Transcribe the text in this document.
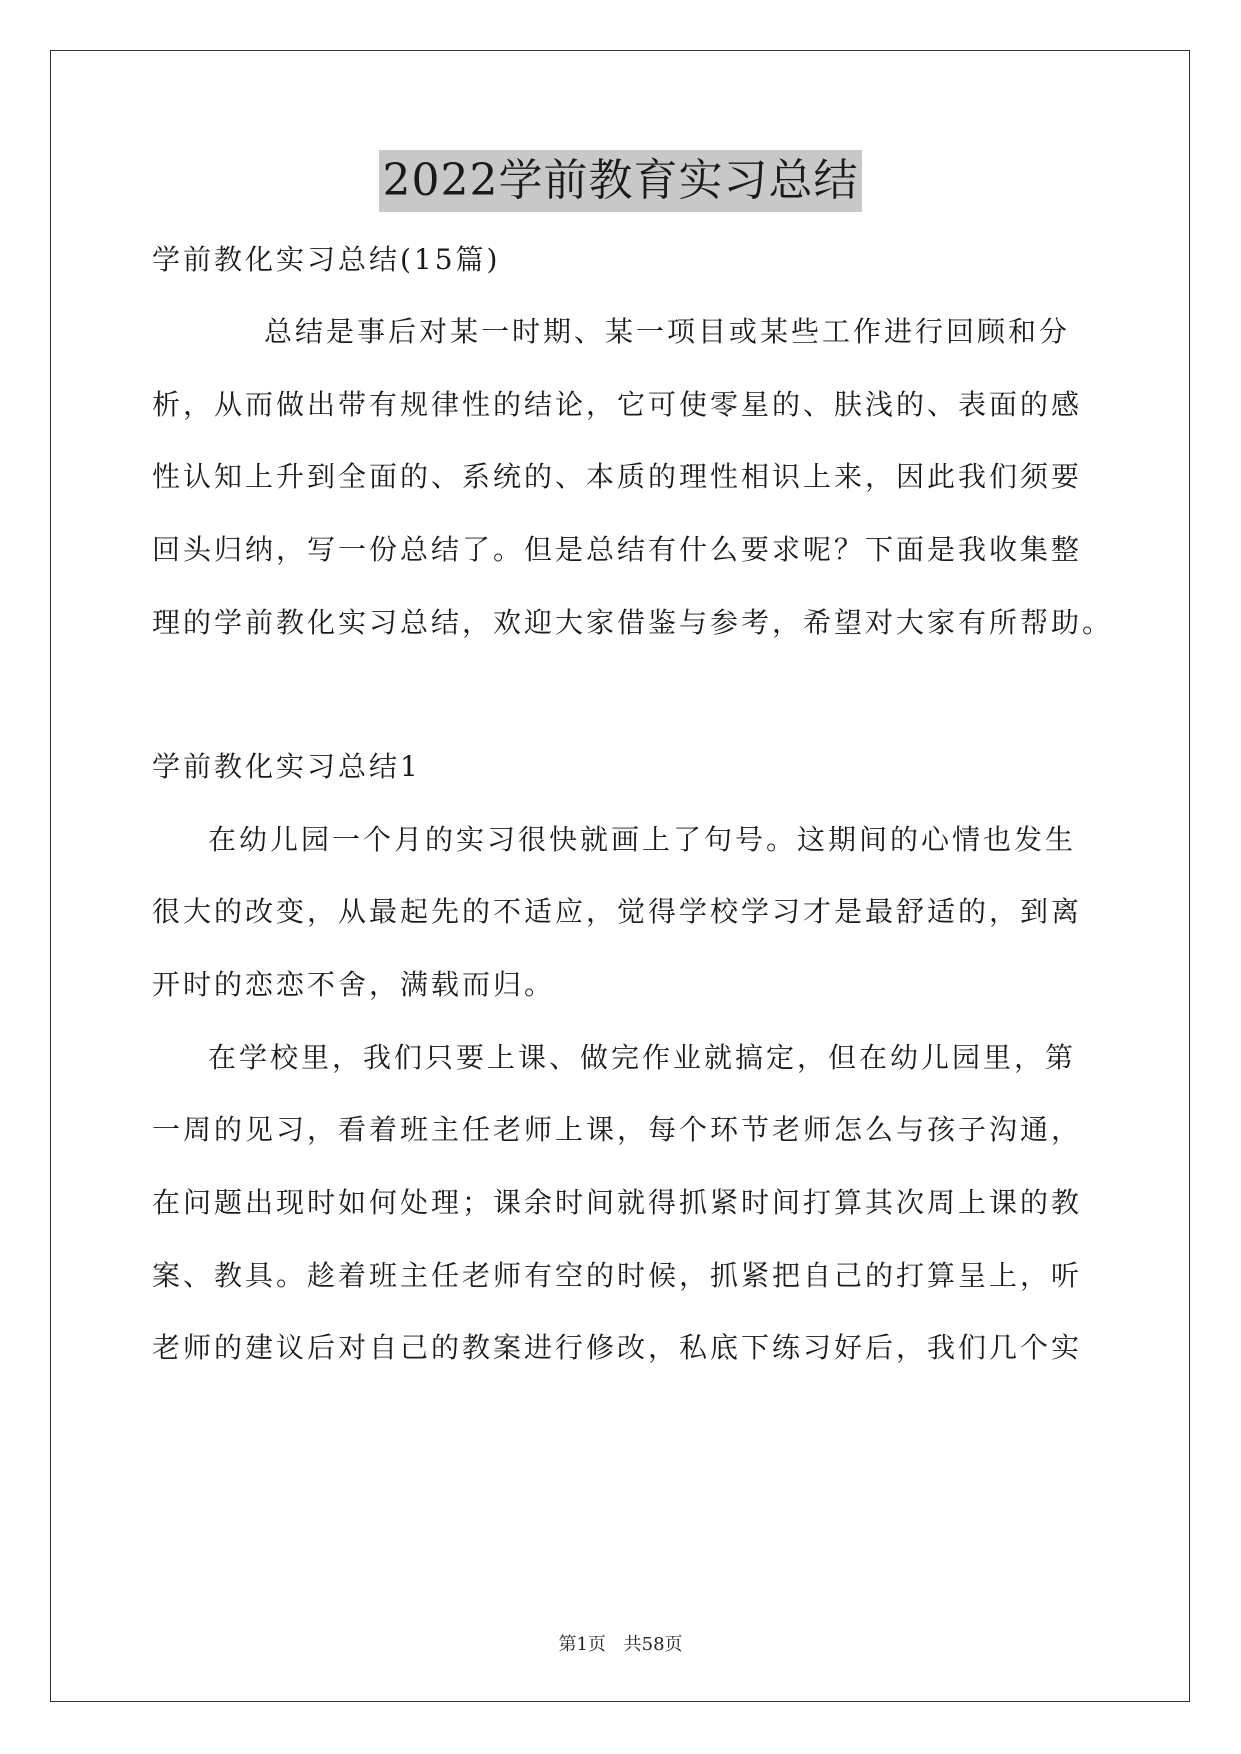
2022学前教育实习总结
学前教化实习总结(15篇)
总结是事后对某一时期、某一项目或某些工作进行回顾和分
析，从而做出带有规律性的结论，它可使零星的、肤浅的、表面的感
性认知上升到全面的、系统的、本质的理性相识上来，因此我们须要
回头归纳，写一份总结了。但是总结有什么要求呢？下面是我收集整
理的学前教化实习总结，欢迎大家借鉴与参考，希望对大家有所帮助。
学前教化实习总结1
在幼儿园一个月的实习很快就画上了句号。这期间的心情也发生
很大的改变，从最起先的不适应，觉得学校学习才是最舒适的，到离
开时的恋恋不舍，满载而归。
在学校里，我们只要上课、做完作业就搞定，但在幼儿园里，第
一周的见习，看着班主任老师上课，每个环节老师怎么与孩子沟通，
在问题出现时如何处理；课余时间就得抓紧时间打算其次周上课的教
案、教具。趁着班主任老师有空的时候，抓紧把自己的打算呈上，听
老师的建议后对自己的教案进行修改，私底下练习好后，我们几个实
第1页 共58页
